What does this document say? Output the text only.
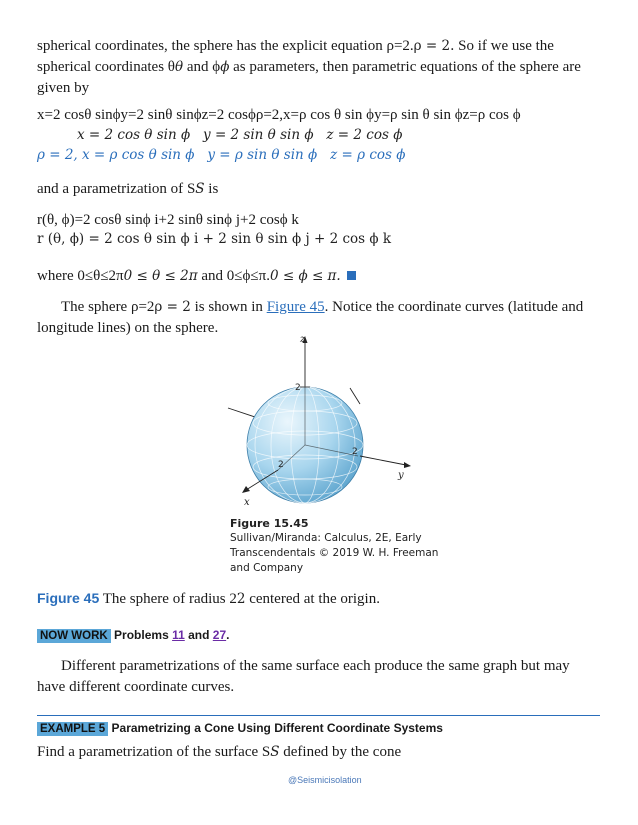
spherical coordinates, the sphere has the explicit equation ρ=2.ρ = 2. So if we use the
spherical coordinates θθ and ϕϕ as parameters, then parametric equations of the sphere are
given by

x=2 cosθ sinϕy=2 sinθ sinϕz=2 cosϕρ=2,x=ρ cos θ sin ϕy=ρ sin θ sin ϕz=ρ cos ϕ

x = 2 cos θ sin ϕ y = 2 sin θ sin ϕ z = 2 cos ϕ

ρ = 2, x = ρ cos θ sin ϕ y = ρ sin θ sin ϕ z = ρ cos ϕ

and a parametrization of SS is

r(θ, ϕ)=2 cosθ sinϕ i+2 sinθ sinϕ j+2 cosϕ k

r (θ, ϕ) = 2 cos θ sin ϕ i + 2 sin θ sin ϕ j + 2 cos ϕ k

where 0≤θ≤2π0 ≤ θ ≤ 2π and 0≤ϕ≤π.0 ≤ ϕ ≤ π.

The sphere ρ=2ρ = 2 is shown in Figure 45. Notice the coordinate curves (latitude and
longitude lines) on the sphere.

z
y
x
2
2
2
Figure 15.45
Sullivan/Miranda: Calculus, 2E, Early
Transcendentals © 2019 W. H. Freeman
and Company
Figure 45 The sphere of radius 22 centered at the origin.
NOW WORK Problems 11 and 27.

Different parametrizations of the same surface each produce the same graph but may

have different coordinate curves.

EXAMPLE 5 Parametrizing a Cone Using Different Coordinate Systems
Find a parametrization of the surface SS defined by the cone
@Seismicisolation
